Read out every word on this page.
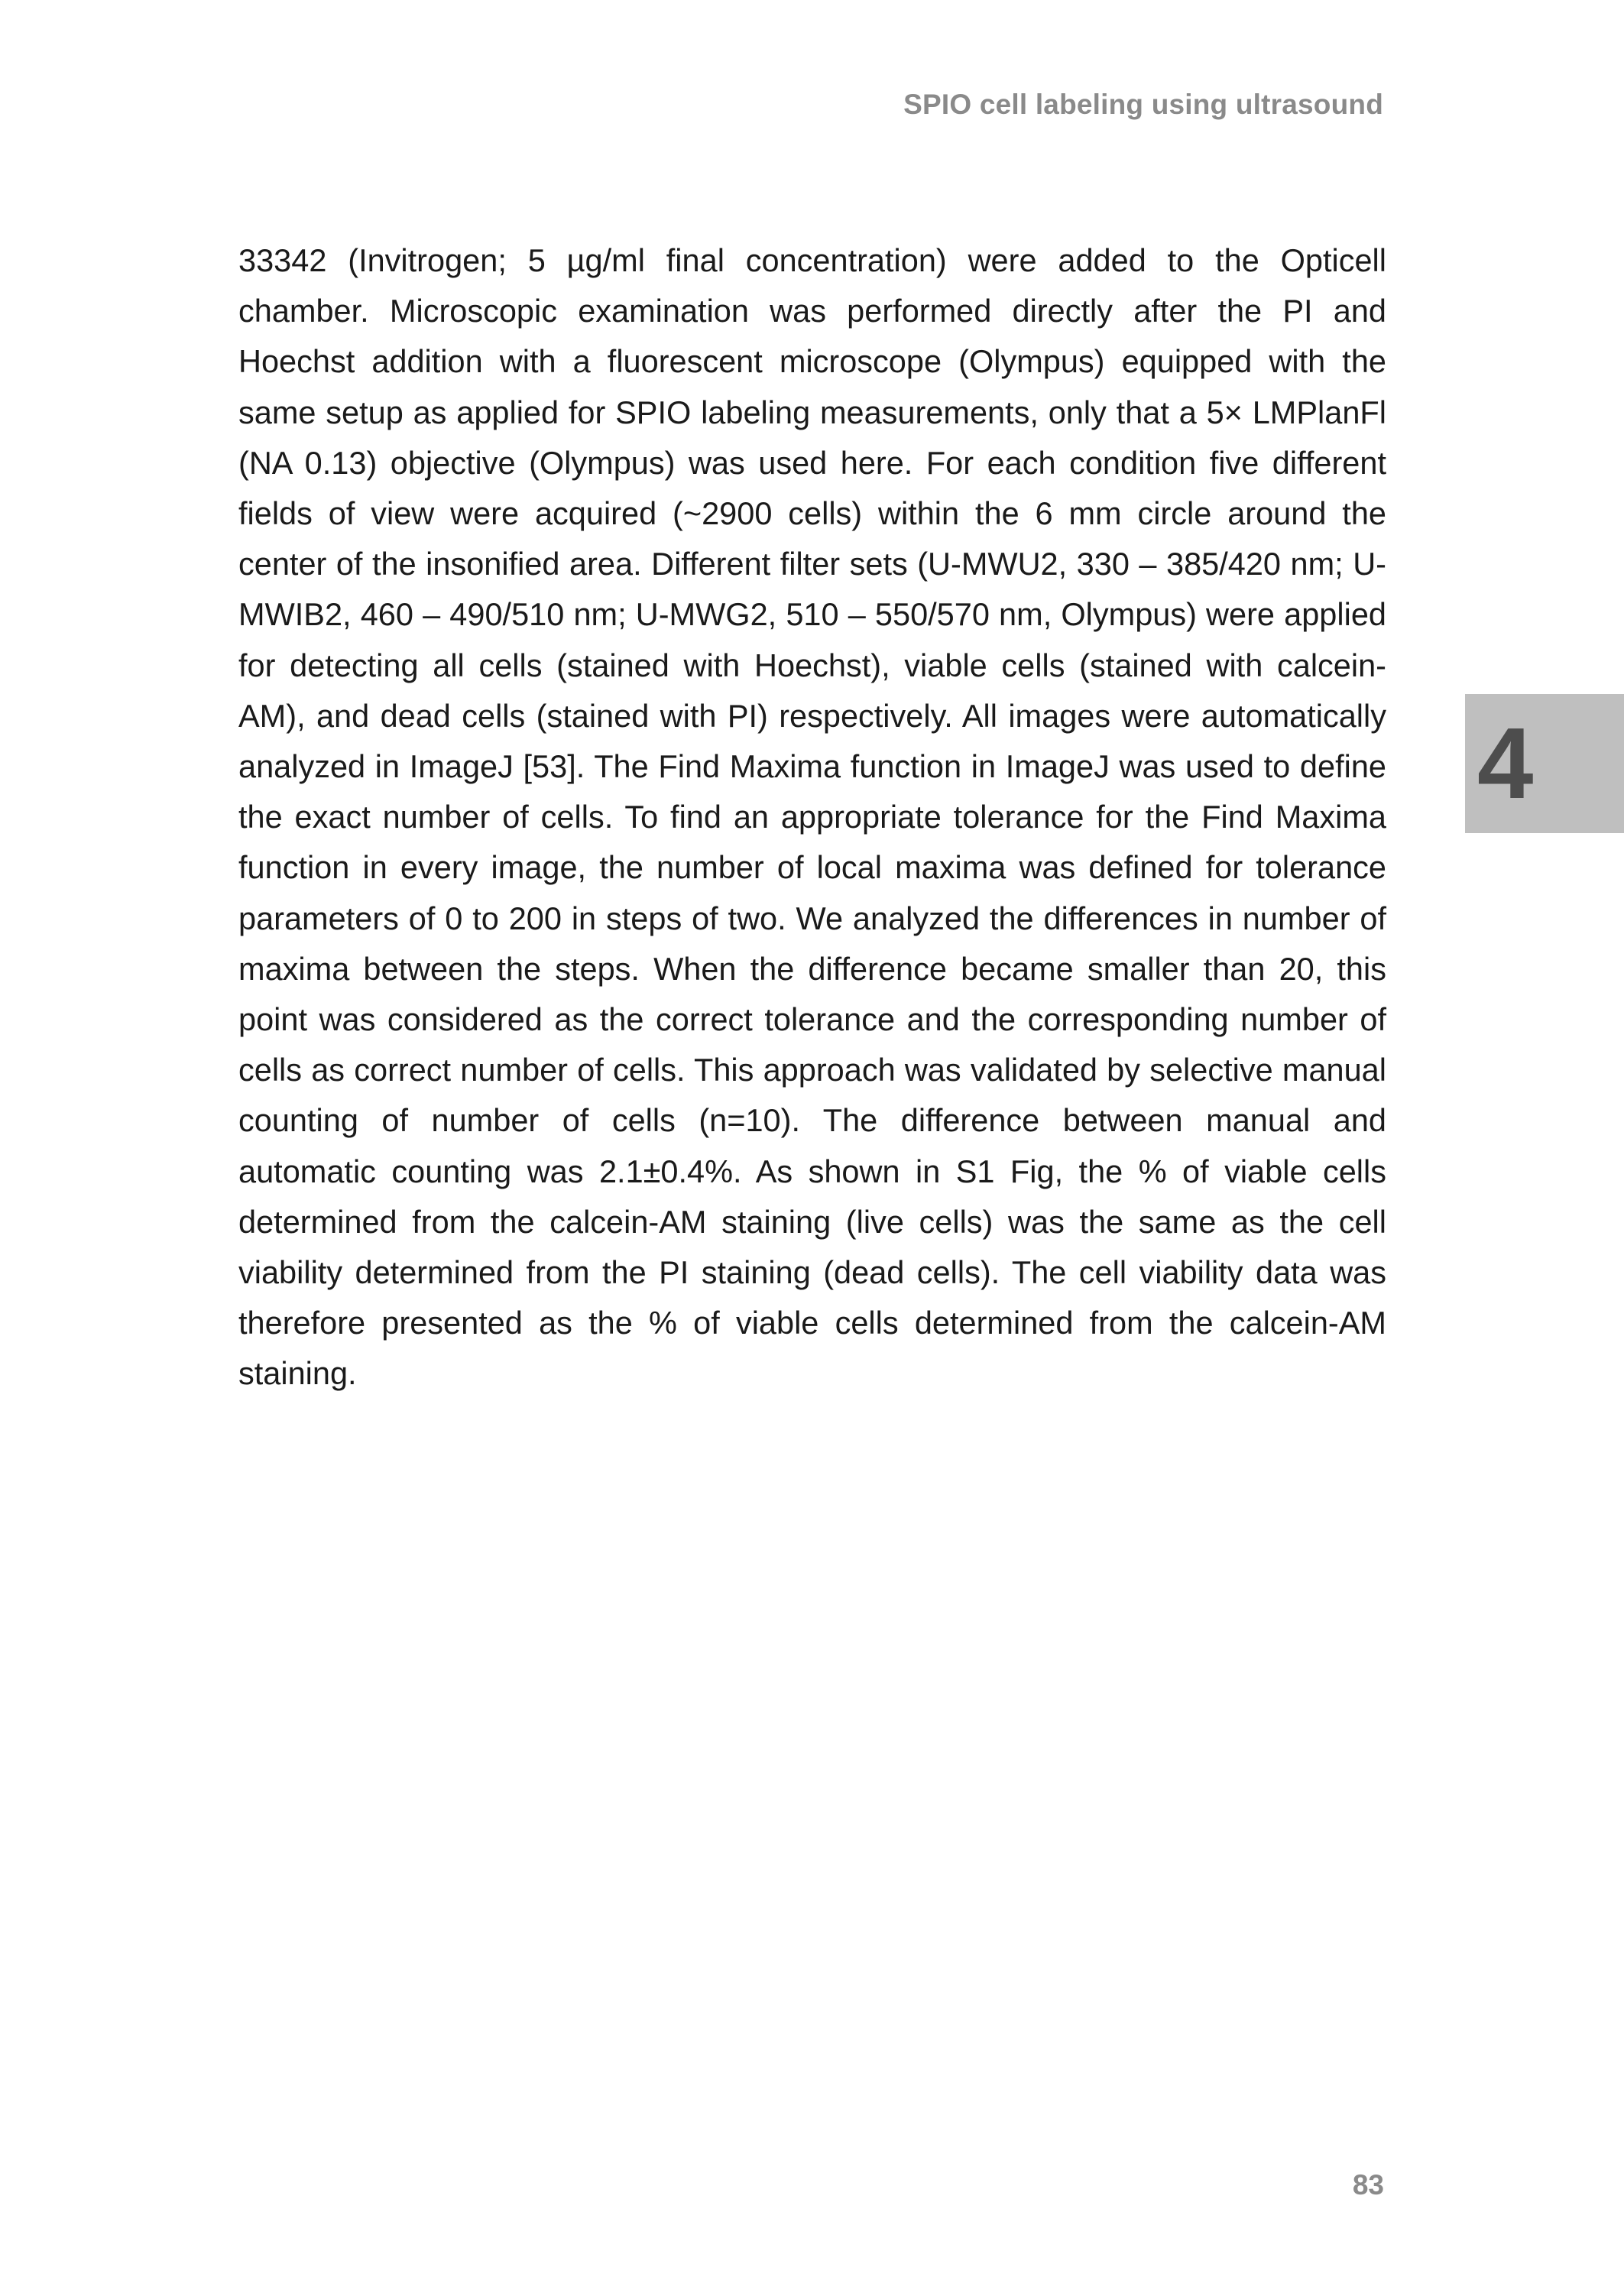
SPIO cell labeling using ultrasound

33342 (Invitrogen; 5 µg/ml final concentration) were added to the Opticell chamber. Microscopic examination was performed directly after the PI and Hoechst addition with a fluorescent microscope (Olympus) equipped with the same setup as applied for SPIO labeling measurements, only that a 5× LMPlanFl (NA 0.13) objective (Olympus) was used here. For each condition five different fields of view were acquired (~2900 cells) within the 6 mm circle around the center of the insonified area. Different filter sets (U-MWU2, 330 – 385/420 nm; U-MWIB2, 460 – 490/510 nm; U-MWG2, 510 – 550/570 nm, Olympus) were applied for detecting all cells (stained with Hoechst), viable cells (stained with calcein-AM), and dead cells (stained with PI) respectively. All images were automatically analyzed in ImageJ [53]. The Find Maxima function in ImageJ was used to define the exact number of cells. To find an appropriate tolerance for the Find Maxima function in every image, the number of local maxima was defined for tolerance parameters of 0 to 200 in steps of two. We analyzed the differences in number of maxima between the steps. When the difference became smaller than 20, this point was considered as the correct tolerance and the corresponding number of cells as correct number of cells. This approach was validated by selective manual counting of number of cells (n=10). The difference between manual and automatic counting was 2.1±0.4%. As shown in S1 Fig, the % of viable cells determined from the calcein-AM staining (live cells) was the same as the cell viability determined from the PI staining (dead cells). The cell viability data was therefore presented as the % of viable cells determined from the calcein-AM staining.

4
83
